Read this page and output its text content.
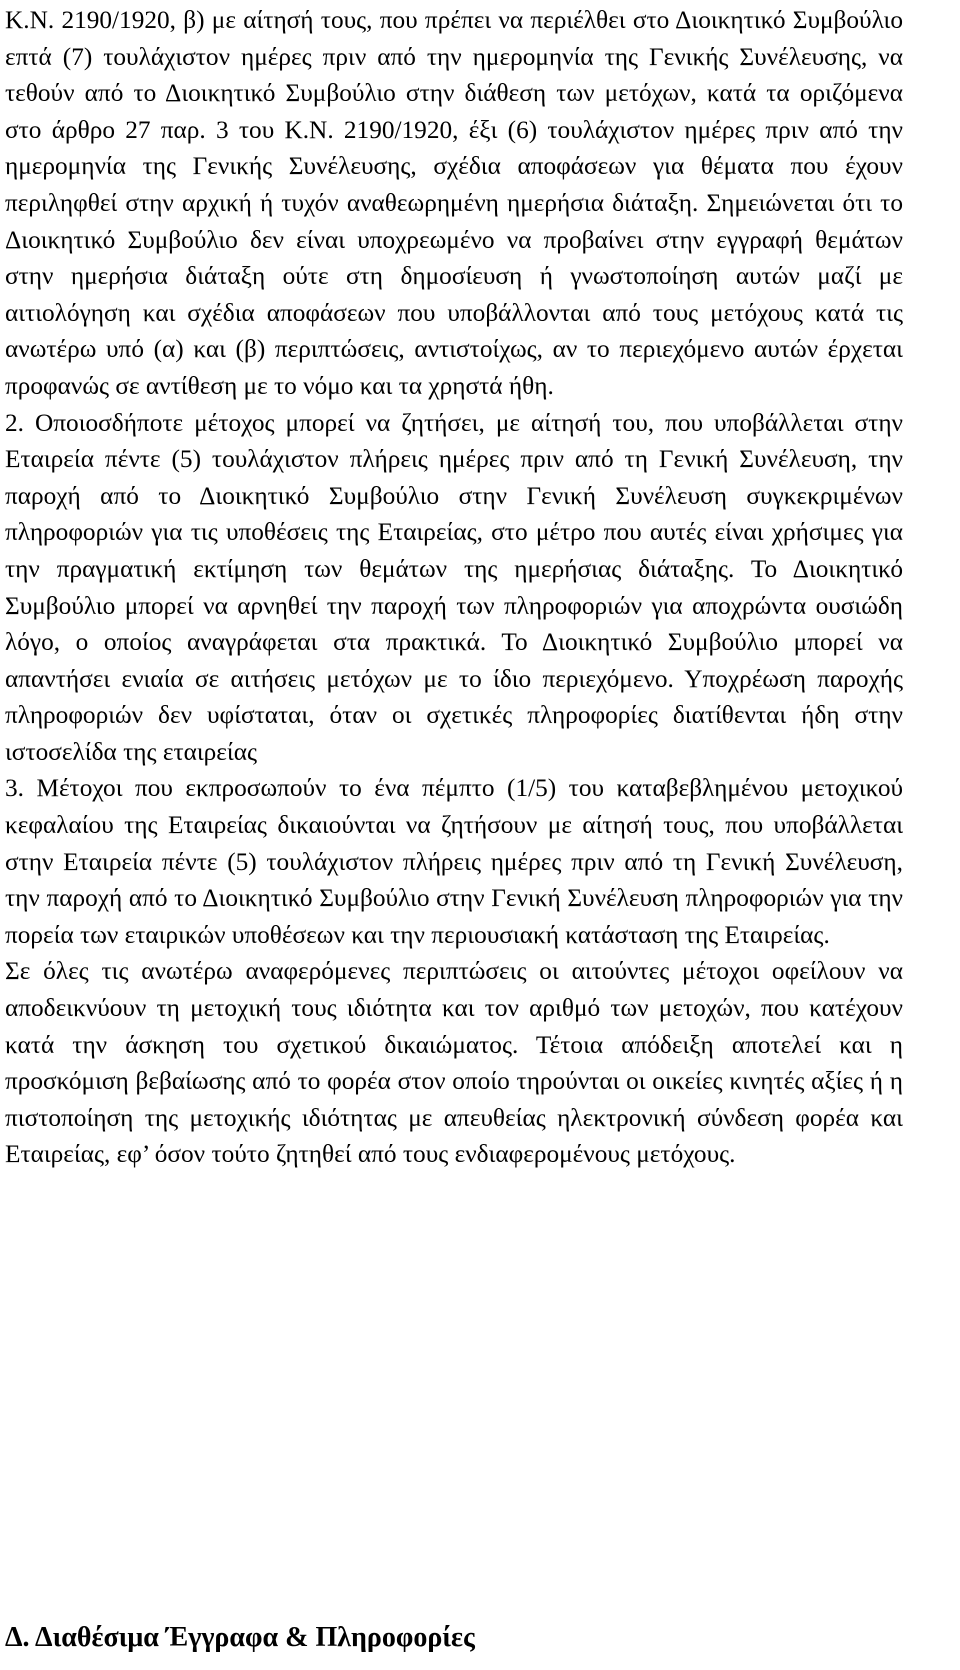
Κ.Ν. 2190/1920, β) με αίτησή τους, που πρέπει να περιέλθει στο Διοικητικό Συμβούλιο επτά (7) τουλάχιστον ημέρες πριν από την ημερομηνία της Γενικής Συνέλευσης, να τεθούν από το Διοικητικό Συμβούλιο στην διάθεση των μετόχων, κατά τα οριζόμενα στο άρθρο 27 παρ. 3 του Κ.Ν. 2190/1920, έξι (6) τουλάχιστον ημέρες πριν από την ημερομηνία της Γενικής Συνέλευσης, σχέδια αποφάσεων για θέματα που έχουν περιληφθεί στην αρχική ή τυχόν αναθεωρημένη ημερήσια διάταξη. Σημειώνεται ότι το Διοικητικό Συμβούλιο δεν είναι υποχρεωμένο να προβαίνει στην εγγραφή θεμάτων στην ημερήσια διάταξη ούτε στη δημοσίευση ή γνωστοποίηση αυτών μαζί με αιτιολόγηση και σχέδια αποφάσεων που υποβάλλονται από τους μετόχους κατά τις ανωτέρω υπό (α) και (β) περιπτώσεις, αντιστοίχως, αν το περιεχόμενο αυτών έρχεται προφανώς σε αντίθεση με το νόμο και τα χρηστά ήθη.

2. Οποιοσδήποτε μέτοχος μπορεί να ζητήσει, με αίτησή του, που υποβάλλεται στην Εταιρεία πέντε (5) τουλάχιστον πλήρεις ημέρες πριν από τη Γενική Συνέλευση, την παροχή από το Διοικητικό Συμβούλιο στην Γενική Συνέλευση συγκεκριμένων πληροφοριών για τις υποθέσεις της Εταιρείας, στο μέτρο που αυτές είναι χρήσιμες για την πραγματική εκτίμηση των θεμάτων της ημερήσιας διάταξης. Το Διοικητικό Συμβούλιο μπορεί να αρνηθεί την παροχή των πληροφοριών για αποχρώντα ουσιώδη λόγο, ο οποίος αναγράφεται στα πρακτικά. Το Διοικητικό Συμβούλιο μπορεί να απαντήσει ενιαία σε αιτήσεις μετόχων με το ίδιο περιεχόμενο. Υποχρέωση παροχής πληροφοριών δεν υφίσταται, όταν οι σχετικές πληροφορίες διατίθενται ήδη στην ιστοσελίδα της εταιρείας

3. Μέτοχοι που εκπροσωπούν το ένα πέμπτο (1/5) του καταβεβλημένου μετοχικού κεφαλαίου της Εταιρείας δικαιούνται να ζητήσουν με αίτησή τους, που υποβάλλεται στην Εταιρεία πέντε (5) τουλάχιστον πλήρεις ημέρες πριν από τη Γενική Συνέλευση, την παροχή από το Διοικητικό Συμβούλιο στην Γενική Συνέλευση πληροφοριών για την πορεία των εταιρικών υποθέσεων και την περιουσιακή κατάσταση της Εταιρείας.

Σε όλες τις ανωτέρω αναφερόμενες περιπτώσεις οι αιτούντες μέτοχοι οφείλουν να αποδεικνύουν τη μετοχική τους ιδιότητα και τον αριθμό των μετοχών, που κατέχουν κατά την άσκηση του σχετικού δικαιώματος. Τέτοια απόδειξη αποτελεί και η προσκόμιση βεβαίωσης από το φορέα στον οποίο τηρούνται οι οικείες κινητές αξίες ή η πιστοποίηση της μετοχικής ιδιότητας με απευθείας ηλεκτρονική σύνδεση φορέα και Εταιρείας, εφ’ όσον τούτο ζητηθεί από τους ενδιαφερομένους μετόχους.

Δ. Διαθέσιμα Έγγραφα & Πληροφορίες
